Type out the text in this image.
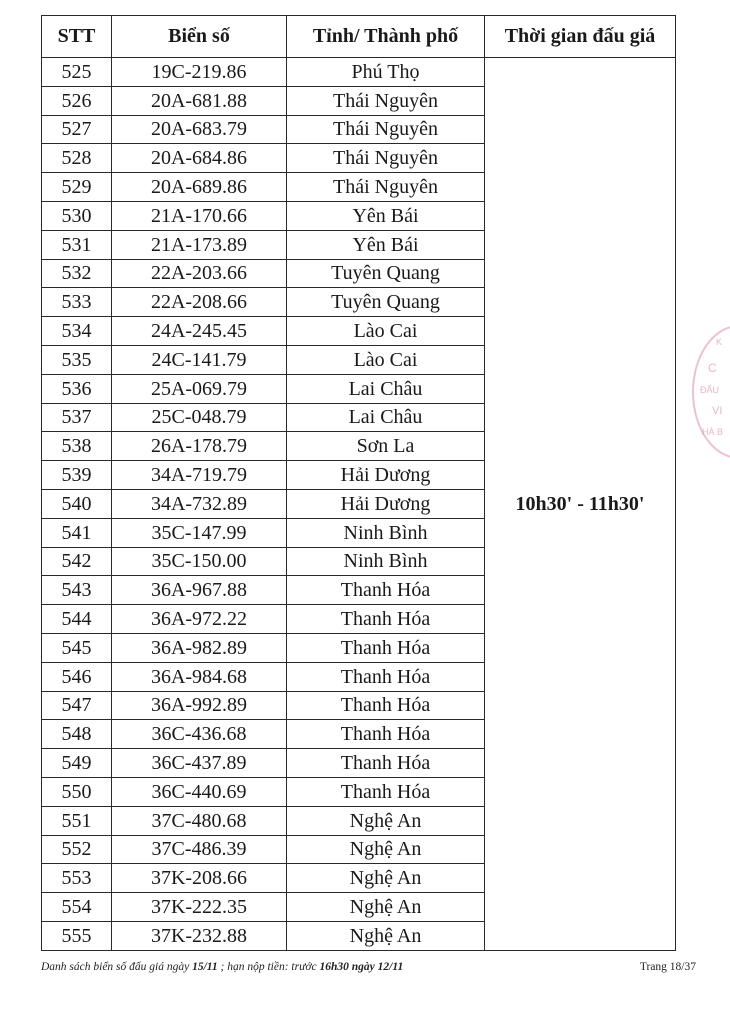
STT	Biển số	Tỉnh/ Thành phố	Thời gian đấu giá
525	19C-219.86	Phú Thọ	10h30' - 11h30'
526	20A-681.88	Thái Nguyên	
527	20A-683.79	Thái Nguyên	
528	20A-684.86	Thái Nguyên	
529	20A-689.86	Thái Nguyên	
530	21A-170.66	Yên Bái	
531	21A-173.89	Yên Bái	
532	22A-203.66	Tuyên Quang	
533	22A-208.66	Tuyên Quang	
534	24A-245.45	Lào Cai	
535	24C-141.79	Lào Cai	
536	25A-069.79	Lai Châu	
537	25C-048.79	Lai Châu	
538	26A-178.79	Sơn La	
539	34A-719.79	Hải Dương	
540	34A-732.89	Hải Dương	
541	35C-147.99	Ninh Bình	
542	35C-150.00	Ninh Bình	
543	36A-967.88	Thanh Hóa	
544	36A-972.22	Thanh Hóa	
545	36A-982.89	Thanh Hóa	
546	36A-984.68	Thanh Hóa	
547	36A-992.89	Thanh Hóa	
548	36C-436.68	Thanh Hóa	
549	36C-437.89	Thanh Hóa	
550	36C-440.69	Thanh Hóa	
551	37C-480.68	Nghệ An	
552	37C-486.39	Nghệ An	
553	37K-208.66	Nghệ An	
554	37K-222.35	Nghệ An	
555	37K-232.88	Nghệ An	
Danh sách biển số đấu giá ngày 15/11 ; hạn nộp tiền: trước 16h30 ngày 12/11	Trang 18/37
K
C
ĐẤU
VI
HÀ B
